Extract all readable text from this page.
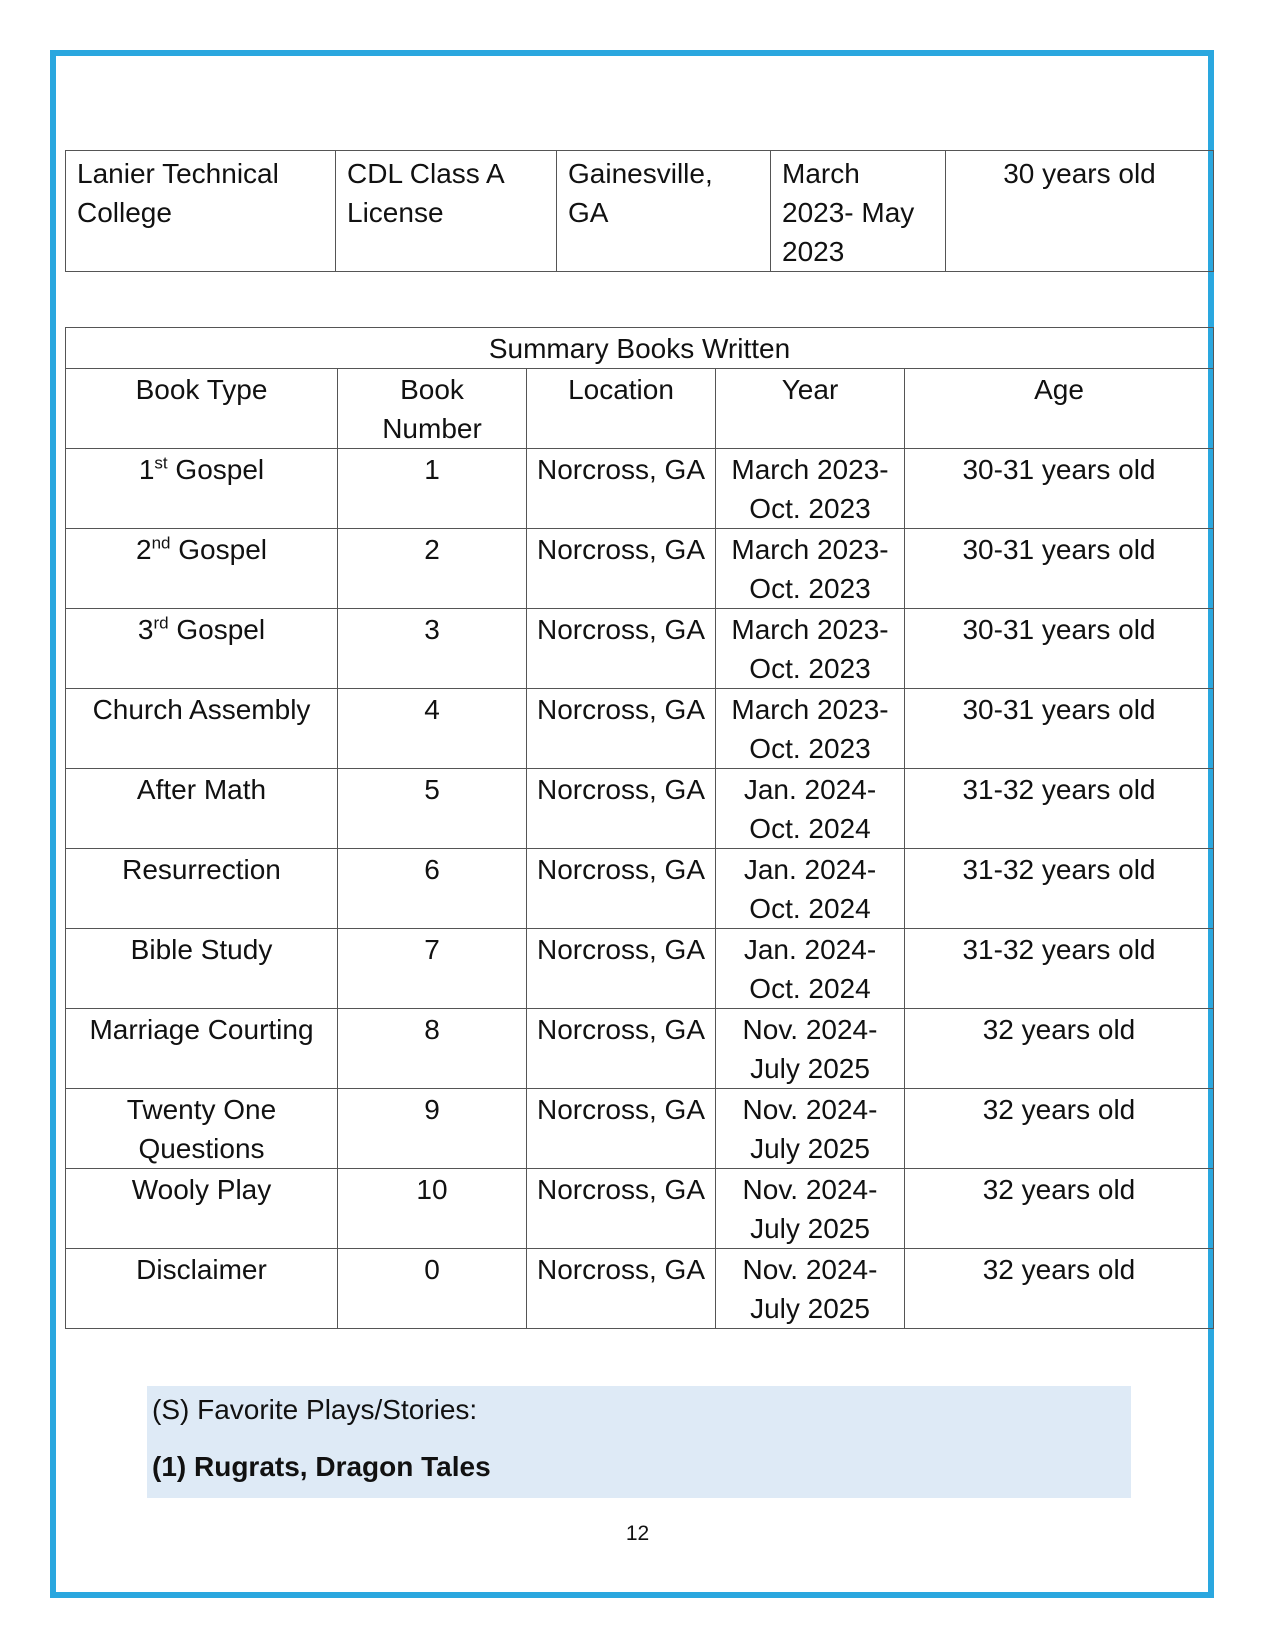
Lanier Technical College	CDL Class A License	Gainesville, GA	March 2023- May 2023	30 years old
Summary Books Written				
Book Type	Book Number	Location	Year	Age
1st Gospel	1	Norcross, GA	March 2023- Oct. 2023	30-31 years old
2nd Gospel	2	Norcross, GA	March 2023- Oct. 2023	30-31 years old
3rd Gospel	3	Norcross, GA	March 2023- Oct. 2023	30-31 years old
Church Assembly	4	Norcross, GA	March 2023- Oct. 2023	30-31 years old
After Math	5	Norcross, GA	Jan. 2024- Oct. 2024	31-32 years old
Resurrection	6	Norcross, GA	Jan. 2024- Oct. 2024	31-32 years old
Bible Study	7	Norcross, GA	Jan. 2024- Oct. 2024	31-32 years old
Marriage Courting	8	Norcross, GA	Nov. 2024- July 2025	32 years old
Twenty One Questions	9	Norcross, GA	Nov. 2024- July 2025	32 years old
Wooly Play	10	Norcross, GA	Nov. 2024- July 2025	32 years old
Disclaimer	0	Norcross, GA	Nov. 2024- July 2025	32 years old
(S) Favorite Plays/Stories:
(1) Rugrats, Dragon Tales
12
